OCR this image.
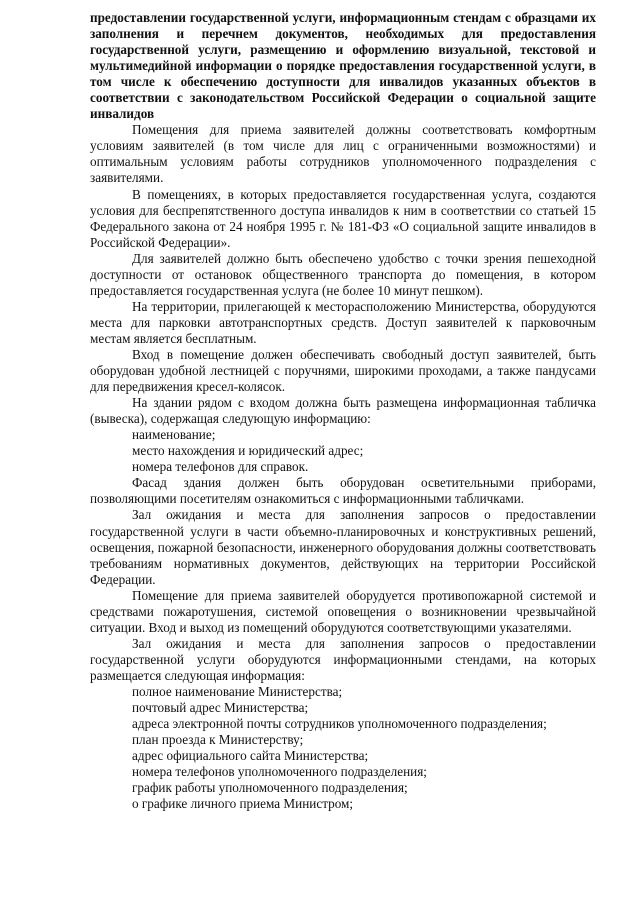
предоставлении государственной услуги, информационным стендам с образцами их заполнения и перечнем документов, необходимых для предоставления государственной услуги, размещению и оформлению визуальной, текстовой и мультимедийной информации о порядке предоставления государственной услуги, в том числе к обеспечению доступности для инвалидов указанных объектов в соответствии с законодательством Российской Федерации о социальной защите инвалидов

Помещения для приема заявителей должны соответствовать комфортным условиям заявителей (в том числе для лиц с ограниченными возможностями) и оптимальным условиям работы сотрудников уполномоченного подразделения с заявителями.

В помещениях, в которых предоставляется государственная услуга, создаются условия для беспрепятственного доступа инвалидов к ним в соответствии со статьей 15 Федерального закона от 24 ноября 1995 г. № 181-ФЗ «О социальной защите инвалидов в Российской Федерации».

Для заявителей должно быть обеспечено удобство с точки зрения пешеходной доступности от остановок общественного транспорта до помещения, в котором предоставляется государственная услуга (не более 10 минут пешком).

На территории, прилегающей к месторасположению Министерства, оборудуются места для парковки автотранспортных средств. Доступ заявителей к парковочным местам является бесплатным.

Вход в помещение должен обеспечивать свободный доступ заявителей, быть оборудован удобной лестницей с поручнями, широкими проходами, а также пандусами для передвижения кресел-колясок.

На здании рядом с входом должна быть размещена информационная табличка (вывеска), содержащая следующую информацию:

наименование;

место нахождения и юридический адрес;

номера телефонов для справок.

Фасад здания должен быть оборудован осветительными приборами, позволяющими посетителям ознакомиться с информационными табличками.

Зал ожидания и места для заполнения запросов о предоставлении государственной услуги в части объемно-планировочных и конструктивных решений, освещения, пожарной безопасности, инженерного оборудования должны соответствовать требованиям нормативных документов, действующих на территории Российской Федерации.

Помещение для приема заявителей оборудуется противопожарной системой и средствами пожаротушения, системой оповещения о возникновении чрезвычайной ситуации. Вход и выход из помещений оборудуются соответствующими указателями.

Зал ожидания и места для заполнения запросов о предоставлении государственной услуги оборудуются информационными стендами, на которых размещается следующая информация:

полное наименование Министерства;

почтовый адрес Министерства;

адреса электронной почты сотрудников уполномоченного подразделения;

план проезда к Министерству;

адрес официального сайта Министерства;

номера телефонов уполномоченного подразделения;

график работы уполномоченного подразделения;

о графике личного приема Министром;
